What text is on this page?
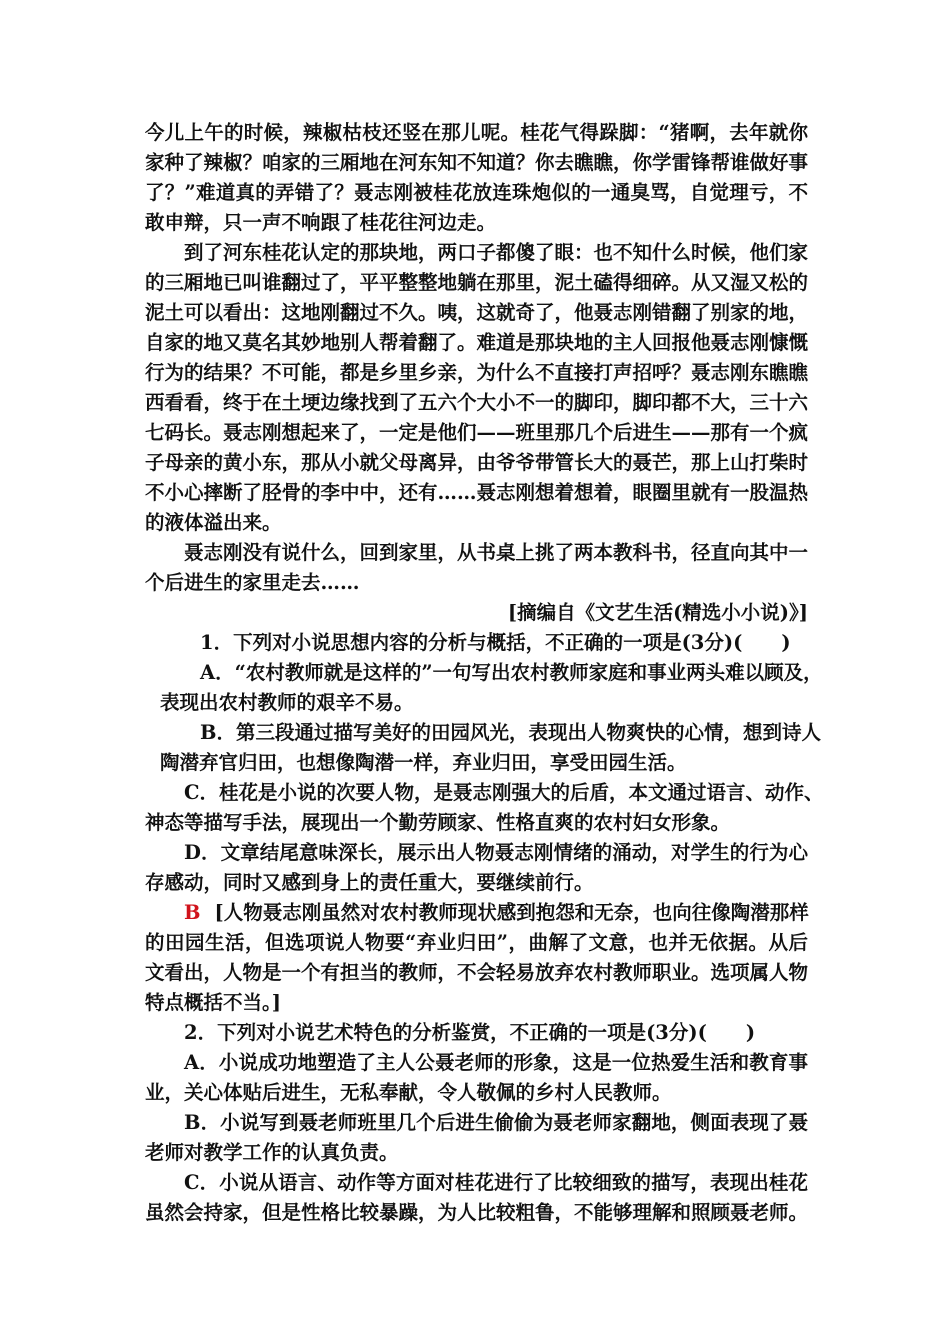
今儿上午的时候，辣椒枯枝还竖在那儿呢。桂花气得跺脚：“猪啊，去年就你
家种了辣椒？咱家的三厢地在河东知不知道？你去瞧瞧，你学雷锋帮谁做好事
了？”难道真的弄错了？聂志刚被桂花放连珠炮似的一通臭骂，自觉理亏，不
敢申辩，只一声不响跟了桂花往河边走。
到了河东桂花认定的那块地，两口子都傻了眼：也不知什么时候，他们家
的三厢地已叫谁翻过了，平平整整地躺在那里，泥土磕得细碎。从又湿又松的
泥土可以看出：这地刚翻过不久。咦，这就奇了，他聂志刚错翻了别家的地，
自家的地又莫名其妙地别人帮着翻了。难道是那块地的主人回报他聂志刚慷慨
行为的结果？不可能，都是乡里乡亲，为什么不直接打声招呼？聂志刚东瞧瞧
西看看，终于在土埂边缘找到了五六个大小不一的脚印，脚印都不大，三十六
七码长。聂志刚想起来了，一定是他们——班里那几个后进生——那有一个疯
子母亲的黄小东，那从小就父母离异，由爷爷带管长大的聂芒，那上山打柴时
不小心摔断了胫骨的李中中，还有……聂志刚想着想着，眼圈里就有一股温热
的液体溢出来。
聂志刚没有说什么，回到家里，从书桌上挑了两本教科书，径直向其中一
个后进生的家里走去……
[摘编自《文艺生活(精选小小说)》]
1．下列对小说思想内容的分析与概括，不正确的一项是(3分)(　　)
A．“农村教师就是这样的”一句写出农村教师家庭和事业两头难以顾及，
表现出农村教师的艰辛不易。
B．第三段通过描写美好的田园风光，表现出人物爽快的心情，想到诗人
陶潜弃官归田，也想像陶潜一样，弃业归田，享受田园生活。
C．桂花是小说的次要人物，是聂志刚强大的后盾，本文通过语言、动作、
神态等描写手法，展现出一个勤劳顾家、性格直爽的农村妇女形象。
D．文章结尾意味深长，展示出人物聂志刚情绪的涌动，对学生的行为心
存感动，同时又感到身上的责任重大，要继续前行。
B [人物聂志刚虽然对农村教师现状感到抱怨和无奈，也向往像陶潜那样
的田园生活，但选项说人物要“弃业归田”，曲解了文意，也并无依据。从后
文看出，人物是一个有担当的教师，不会轻易放弃农村教师职业。选项属人物
特点概括不当。]
2．下列对小说艺术特色的分析鉴赏，不正确的一项是(3分)(　　)
A．小说成功地塑造了主人公聂老师的形象，这是一位热爱生活和教育事
业，关心体贴后进生，无私奉献，令人敬佩的乡村人民教师。
B．小说写到聂老师班里几个后进生偷偷为聂老师家翻地，侧面表现了聂
老师对教学工作的认真负责。
C．小说从语言、动作等方面对桂花进行了比较细致的描写，表现出桂花
虽然会持家，但是性格比较暴躁，为人比较粗鲁，不能够理解和照顾聂老师。
